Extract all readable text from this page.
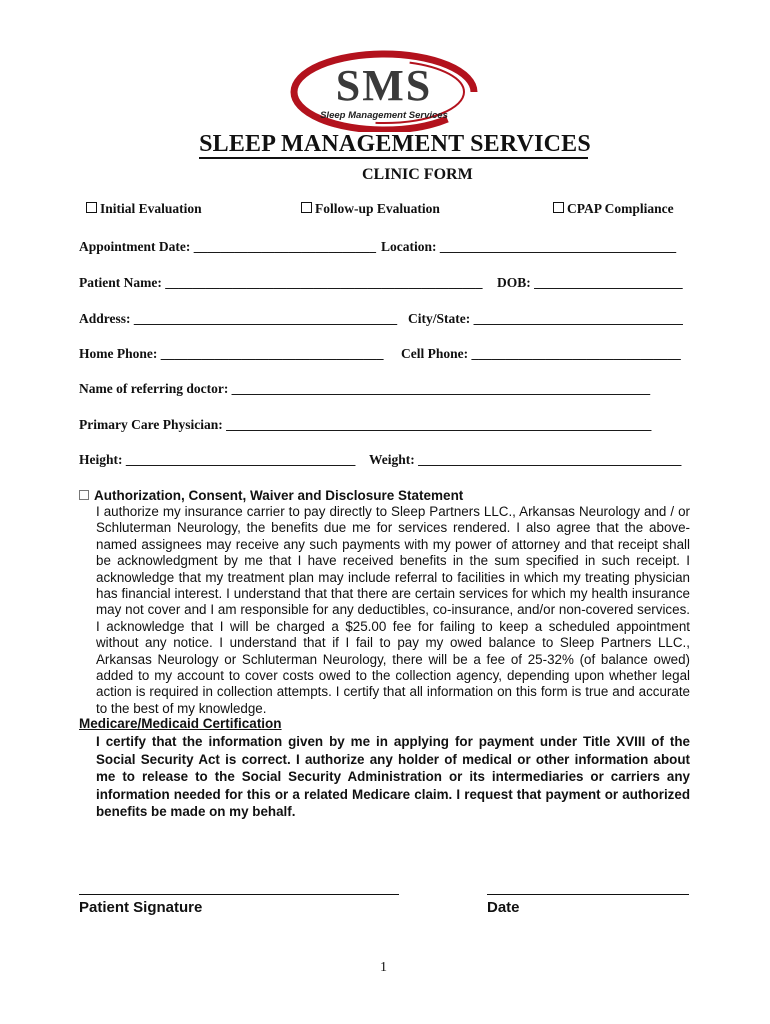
SMS
Sleep Management Services
SLEEP MANAGEMENT SERVICES
CLINIC FORM
Initial Evaluation	Follow-up Evaluation	CPAP Compliance
Appointment Date: ___________________________ Location: ___________________________________
Patient Name: _______________________________________________ DOB: ______________________
Address: _______________________________________ City/State: _______________________________
Home Phone: _________________________________ Cell Phone: _______________________________
Name of referring doctor: ______________________________________________________________
Primary Care Physician: _______________________________________________________________
Height: __________________________________ Weight: _______________________________________
Authorization, Consent, Waiver and Disclosure Statement
I authorize my insurance carrier to pay directly to Sleep Partners LLC., Arkansas Neurology and / or Schluterman Neurology, the benefits due me for services rendered. I also agree that the above-named assignees may receive any such payments with my power of attorney and that receipt shall be acknowledgment by me that I have received benefits in the sum specified in such receipt. I acknowledge that my treatment plan may include referral to facilities in which my treating physician has financial interest. I understand that that there are certain services for which my health insurance may not cover and I am responsible for any deductibles, co-insurance, and/or non-covered services. I acknowledge that I will be charged a $25.00 fee for failing to keep a scheduled appointment without any notice. I understand that if I fail to pay my owed balance to Sleep Partners LLC., Arkansas Neurology or Schluterman Neurology, there will be a fee of 25-32% (of balance owed) added to my account to cover costs owed to the collection agency, depending upon whether legal action is required in collection attempts. I certify that all information on this form is true and accurate to the best of my knowledge.
Medicare/Medicaid Certification
I certify that the information given by me in applying for payment under Title XVIII of the Social Security Act is correct. I authorize any holder of medical or other information about me to release to the Social Security Administration or its intermediaries or carriers any information needed for this or a related Medicare claim. I request that payment or authorized benefits be made on my behalf.
Patient Signature	Date
1
